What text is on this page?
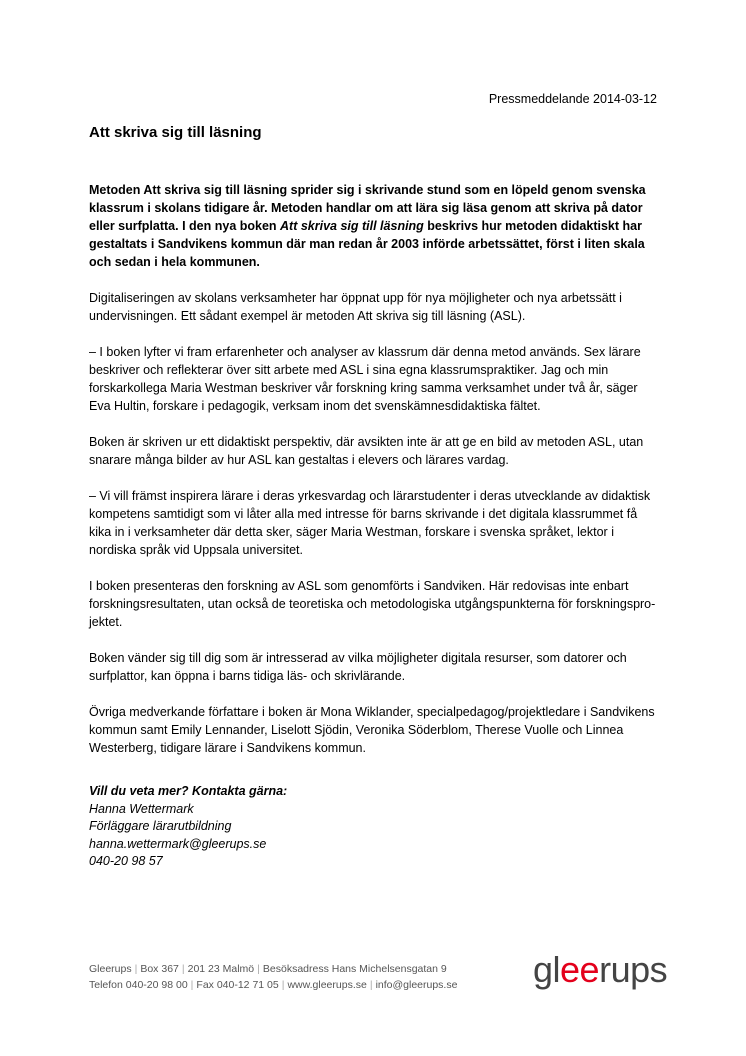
Pressmeddelande 2014-03-12
Att skriva sig till läsning

Metoden Att skriva sig till läsning sprider sig i skrivande stund som en löpeld genom svenska klassrum i skolans tidigare år. Metoden handlar om att lära sig läsa genom att skriva på dator eller surfplatta. I den nya boken Att skriva sig till läsning beskrivs hur metoden didaktiskt har gestaltats i Sandvikens kommun där man redan år 2003 införde arbetssättet, först i liten skala och sedan i hela kommunen.

Digitaliseringen av skolans verksamheter har öppnat upp för nya möjligheter och nya arbetssätt i undervisningen. Ett sådant exempel är metoden Att skriva sig till läsning (ASL).

– I boken lyfter vi fram erfarenheter och analyser av klassrum där denna metod används. Sex lärare beskriver och reflekterar över sitt arbete med ASL i sina egna klassrumspraktiker. Jag och min forskarkollega Maria Westman beskriver vår forskning kring samma verksamhet under två år, säger Eva Hultin, forskare i pedagogik, verksam inom det svenskämnesdidaktiska fältet.

Boken är skriven ur ett didaktiskt perspektiv, där avsikten inte är att ge en bild av metoden ASL, utan snarare många bilder av hur ASL kan gestaltas i elevers och lärares vardag.

– Vi vill främst inspirera lärare i deras yrkesvardag och lärarstudenter i deras utvecklande av didaktisk kompetens samtidigt som vi låter alla med intresse för barns skrivande i det digitala klassrummet få kika in i verksamheter där detta sker, säger Maria Westman, forskare i svenska språket, lektor i nordiska språk vid Uppsala universitet.

I boken presenteras den forskning av ASL som genomförts i Sandviken. Här redovisas inte enbart forskningsresultaten, utan också de teoretiska och metodologiska utgångspunkterna för forskningspro-jektet.

Boken vänder sig till dig som är intresserad av vilka möjligheter digitala resurser, som datorer och surfplattor, kan öppna i barns tidiga läs- och skrivlärande.

Övriga medverkande författare i boken är Mona Wiklander, specialpedagog/projektledare i Sandvikens kommun samt Emily Lennander, Liselott Sjödin, Veronika Söderblom, Therese Vuolle och Linnea Westerberg, tidigare lärare i Sandvikens kommun.

Vill du veta mer? Kontakta gärna:
Hanna Wettermark
Förläggare lärarutbildning
hanna.wettermark@gleerups.se
040-20 98 57
Gleerups | Box 367 | 201 23 Malmö | Besöksadress Hans Michelsensgatan 9
Telefon 040-20 98 00 | Fax 040-12 71 05 | www.gleerups.se | info@gleerups.se gleerups
